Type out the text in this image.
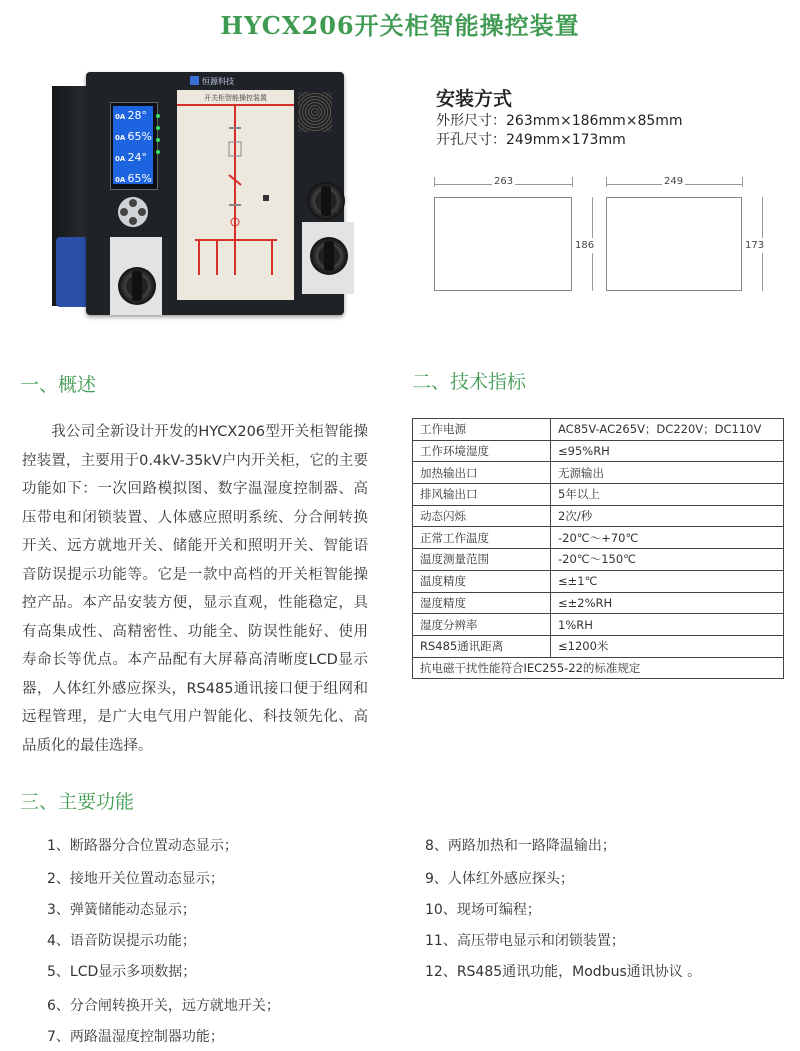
HYCX206开关柜智能操控装置
恒源科技
0A 28°
0A 65%
0A 24°
0A 65%
开关柜智能操控装置	安装方式
外形尺寸：263mm×186mm×85mm
开孔尺寸：249mm×173mm
263
186
249
173
一、概述
我公司全新设计开发的HYCX206型开关柜智能操控装置，主要用于0.4kV-35kV户内开关柜，它的主要功能如下：一次回路模拟图、数字温湿度控制器、高压带电和闭锁装置、人体感应照明系统、分合闸转换开关、远方就地开关、储能开关和照明开关、智能语音防误提示功能等。它是一款中高档的开关柜智能操控产品。本产品安装方便，显示直观，性能稳定，具有高集成性、高精密性、功能全、防误性能好、使用寿命长等优点。本产品配有大屏幕高清晰度LCD显示器，人体红外感应探头，RS485通讯接口便于组网和远程管理，是广大电气用户智能化、科技领先化、高品质化的最佳选择。
二、技术指标
工作电源	AC85V-AC265V；DC220V；DC110V
工作环境湿度	≤95%RH
加热输出口	无源输出
排风输出口	5年以上
动态闪烁	2次/秒
正常工作温度	-20℃～+70℃
温度测量范围	-20℃～150℃
温度精度	≤±1℃
湿度精度	≤±2%RH
湿度分辨率	1%RH
RS485通讯距离	≤1200米
抗电磁干扰性能符合IEC255-22的标准规定	
三、主要功能
1、断路器分合位置动态显示；
2、接地开关位置动态显示；
3、弹簧储能动态显示；
4、语音防误提示功能；
5、LCD显示多项数据；
6、分合闸转换开关，远方就地开关；
7、两路温湿度控制器功能；
8、两路加热和一路降温输出；
9、人体红外感应探头；
10、现场可编程；
11、高压带电显示和闭锁装置；
12、RS485通讯功能，Modbus通讯协议 。
